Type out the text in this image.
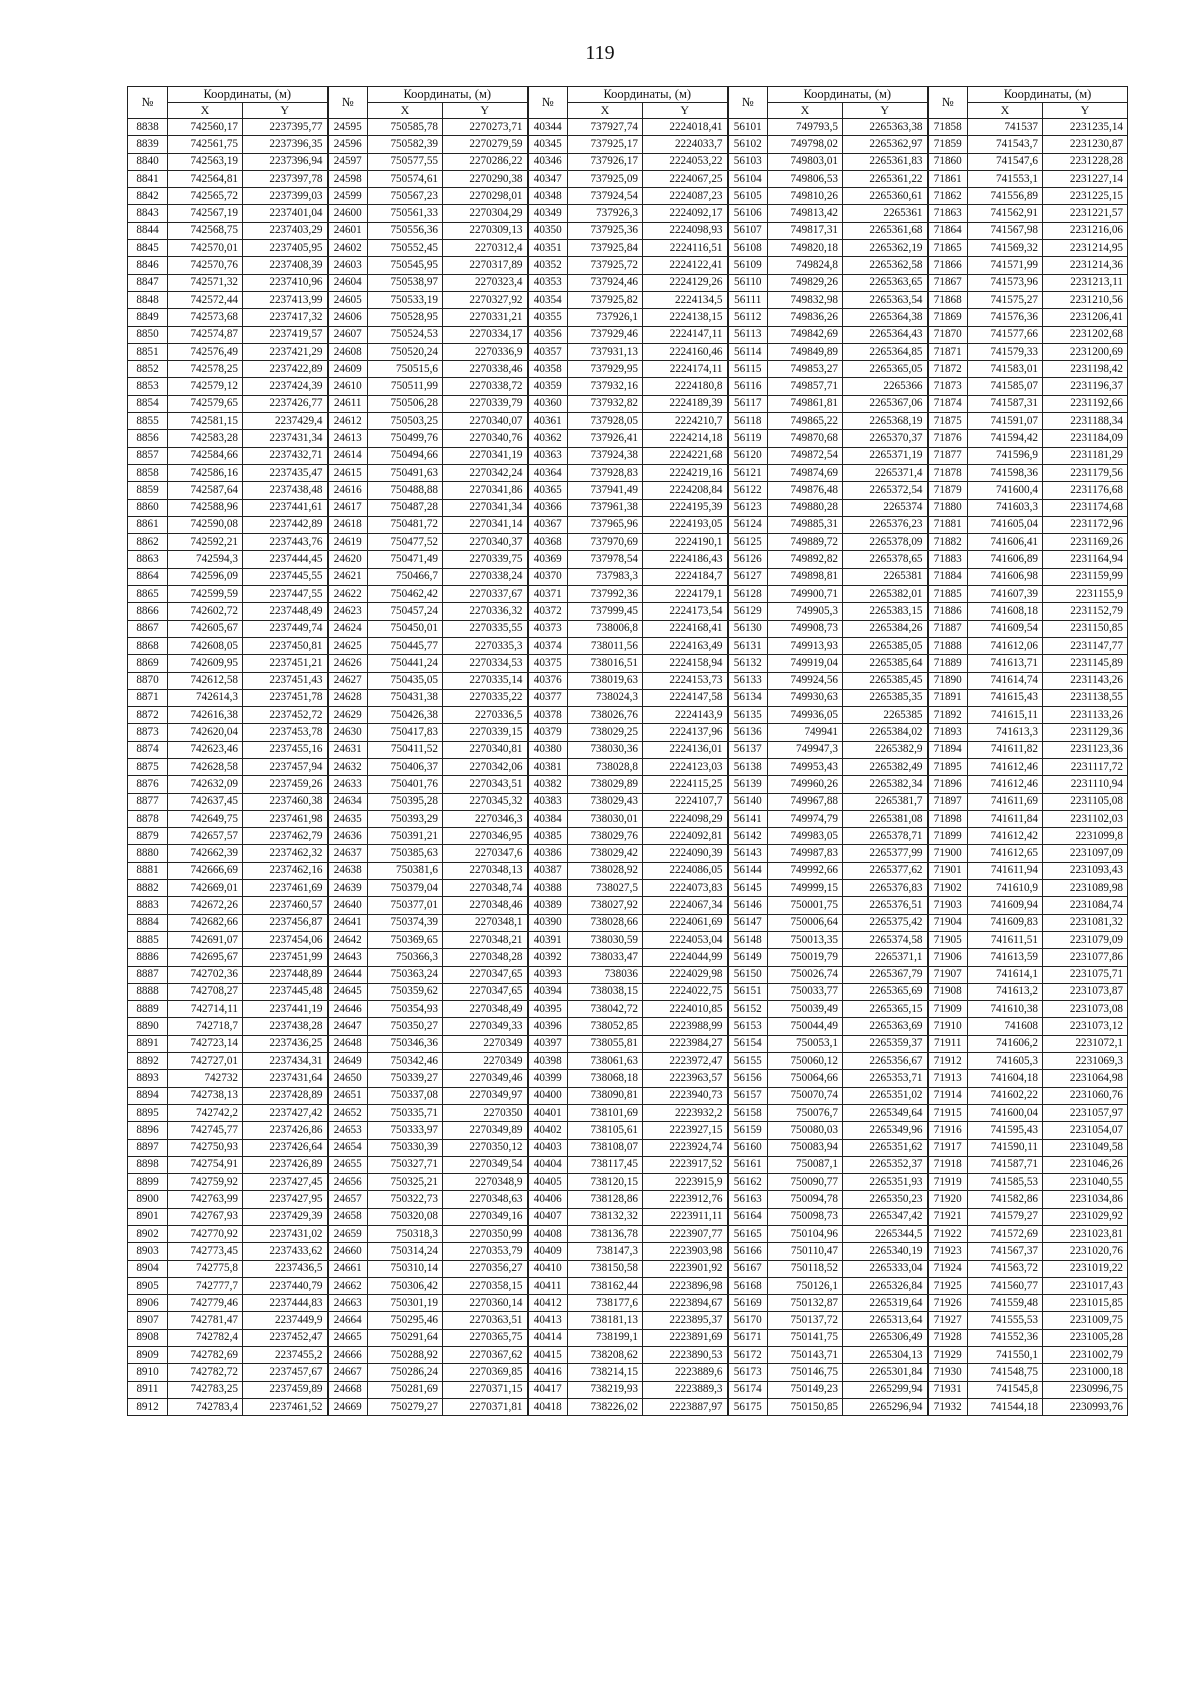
119
№	Координаты, (м)		№	Координаты, (м)		№	Координаты, (м)		№	Координаты, (м)		№	Координаты, (м)	
	X	Y		X	Y		X	Y		X	Y		X	Y
8838	742560,17	2237395,77	24595	750585,78	2270273,71	40344	737927,74	2224018,41	56101	749793,5	2265363,38	71858	741537	2231235,14
8839	742561,75	2237396,35	24596	750582,39	2270279,59	40345	737925,17	2224033,7	56102	749798,02	2265362,97	71859	741543,7	2231230,87
8840	742563,19	2237396,94	24597	750577,55	2270286,22	40346	737926,17	2224053,22	56103	749803,01	2265361,83	71860	741547,6	2231228,28
8841	742564,81	2237397,78	24598	750574,61	2270290,38	40347	737925,09	2224067,25	56104	749806,53	2265361,22	71861	741553,1	2231227,14
8842	742565,72	2237399,03	24599	750567,23	2270298,01	40348	737924,54	2224087,23	56105	749810,26	2265360,61	71862	741556,89	2231225,15
8843	742567,19	2237401,04	24600	750561,33	2270304,29	40349	737926,3	2224092,17	56106	749813,42	2265361	71863	741562,91	2231221,57
8844	742568,75	2237403,29	24601	750556,36	2270309,13	40350	737925,36	2224098,93	56107	749817,31	2265361,68	71864	741567,98	2231216,06
8845	742570,01	2237405,95	24602	750552,45	2270312,4	40351	737925,84	2224116,51	56108	749820,18	2265362,19	71865	741569,32	2231214,95
8846	742570,76	2237408,39	24603	750545,95	2270317,89	40352	737925,72	2224122,41	56109	749824,8	2265362,58	71866	741571,99	2231214,36
8847	742571,32	2237410,96	24604	750538,97	2270323,4	40353	737924,46	2224129,26	56110	749829,26	2265363,65	71867	741573,96	2231213,11
8848	742572,44	2237413,99	24605	750533,19	2270327,92	40354	737925,82	2224134,5	56111	749832,98	2265363,54	71868	741575,27	2231210,56
8849	742573,68	2237417,32	24606	750528,95	2270331,21	40355	737926,1	2224138,15	56112	749836,26	2265364,38	71869	741576,36	2231206,41
8850	742574,87	2237419,57	24607	750524,53	2270334,17	40356	737929,46	2224147,11	56113	749842,69	2265364,43	71870	741577,66	2231202,68
8851	742576,49	2237421,29	24608	750520,24	2270336,9	40357	737931,13	2224160,46	56114	749849,89	2265364,85	71871	741579,33	2231200,69
8852	742578,25	2237422,89	24609	750515,6	2270338,46	40358	737929,95	2224174,11	56115	749853,27	2265365,05	71872	741583,01	2231198,42
8853	742579,12	2237424,39	24610	750511,99	2270338,72	40359	737932,16	2224180,8	56116	749857,71	2265366	71873	741585,07	2231196,37
8854	742579,65	2237426,77	24611	750506,28	2270339,79	40360	737932,82	2224189,39	56117	749861,81	2265367,06	71874	741587,31	2231192,66
8855	742581,15	2237429,4	24612	750503,25	2270340,07	40361	737928,05	2224210,7	56118	749865,22	2265368,19	71875	741591,07	2231188,34
8856	742583,28	2237431,34	24613	750499,76	2270340,76	40362	737926,41	2224214,18	56119	749870,68	2265370,37	71876	741594,42	2231184,09
8857	742584,66	2237432,71	24614	750494,66	2270341,19	40363	737924,38	2224221,68	56120	749872,54	2265371,19	71877	741596,9	2231181,29
8858	742586,16	2237435,47	24615	750491,63	2270342,24	40364	737928,83	2224219,16	56121	749874,69	2265371,4	71878	741598,36	2231179,56
8859	742587,64	2237438,48	24616	750488,88	2270341,86	40365	737941,49	2224208,84	56122	749876,48	2265372,54	71879	741600,4	2231176,68
8860	742588,96	2237441,61	24617	750487,28	2270341,34	40366	737961,38	2224195,39	56123	749880,28	2265374	71880	741603,3	2231174,68
8861	742590,08	2237442,89	24618	750481,72	2270341,14	40367	737965,96	2224193,05	56124	749885,31	2265376,23	71881	741605,04	2231172,96
8862	742592,21	2237443,76	24619	750477,52	2270340,37	40368	737970,69	2224190,1	56125	749889,72	2265378,09	71882	741606,41	2231169,26
8863	742594,3	2237444,45	24620	750471,49	2270339,75	40369	737978,54	2224186,43	56126	749892,82	2265378,65	71883	741606,89	2231164,94
8864	742596,09	2237445,55	24621	750466,7	2270338,24	40370	737983,3	2224184,7	56127	749898,81	2265381	71884	741606,98	2231159,99
8865	742599,59	2237447,55	24622	750462,42	2270337,67	40371	737992,36	2224179,1	56128	749900,71	2265382,01	71885	741607,39	2231155,9
8866	742602,72	2237448,49	24623	750457,24	2270336,32	40372	737999,45	2224173,54	56129	749905,3	2265383,15	71886	741608,18	2231152,79
8867	742605,67	2237449,74	24624	750450,01	2270335,55	40373	738006,8	2224168,41	56130	749908,73	2265384,26	71887	741609,54	2231150,85
8868	742608,05	2237450,81	24625	750445,77	2270335,3	40374	738011,56	2224163,49	56131	749913,93	2265385,05	71888	741612,06	2231147,77
8869	742609,95	2237451,21	24626	750441,24	2270334,53	40375	738016,51	2224158,94	56132	749919,04	2265385,64	71889	741613,71	2231145,89
8870	742612,58	2237451,43	24627	750435,05	2270335,14	40376	738019,63	2224153,73	56133	749924,56	2265385,45	71890	741614,74	2231143,26
8871	742614,3	2237451,78	24628	750431,38	2270335,22	40377	738024,3	2224147,58	56134	749930,63	2265385,35	71891	741615,43	2231138,55
8872	742616,38	2237452,72	24629	750426,38	2270336,5	40378	738026,76	2224143,9	56135	749936,05	2265385	71892	741615,11	2231133,26
8873	742620,04	2237453,78	24630	750417,83	2270339,15	40379	738029,25	2224137,96	56136	749941	2265384,02	71893	741613,3	2231129,36
8874	742623,46	2237455,16	24631	750411,52	2270340,81	40380	738030,36	2224136,01	56137	749947,3	2265382,9	71894	741611,82	2231123,36
8875	742628,58	2237457,94	24632	750406,37	2270342,06	40381	738028,8	2224123,03	56138	749953,43	2265382,49	71895	741612,46	2231117,72
8876	742632,09	2237459,26	24633	750401,76	2270343,51	40382	738029,89	2224115,25	56139	749960,26	2265382,34	71896	741612,46	2231110,94
8877	742637,45	2237460,38	24634	750395,28	2270345,32	40383	738029,43	2224107,7	56140	749967,88	2265381,7	71897	741611,69	2231105,08
8878	742649,75	2237461,98	24635	750393,29	2270346,3	40384	738030,01	2224098,29	56141	749974,79	2265381,08	71898	741611,84	2231102,03
8879	742657,57	2237462,79	24636	750391,21	2270346,95	40385	738029,76	2224092,81	56142	749983,05	2265378,71	71899	741612,42	2231099,8
8880	742662,39	2237462,32	24637	750385,63	2270347,6	40386	738029,42	2224090,39	56143	749987,83	2265377,99	71900	741612,65	2231097,09
8881	742666,69	2237462,16	24638	750381,6	2270348,13	40387	738028,92	2224086,05	56144	749992,66	2265377,62	71901	741611,94	2231093,43
8882	742669,01	2237461,69	24639	750379,04	2270348,74	40388	738027,5	2224073,83	56145	749999,15	2265376,83	71902	741610,9	2231089,98
8883	742672,26	2237460,57	24640	750377,01	2270348,46	40389	738027,92	2224067,34	56146	750001,75	2265376,51	71903	741609,94	2231084,74
8884	742682,66	2237456,87	24641	750374,39	2270348,1	40390	738028,66	2224061,69	56147	750006,64	2265375,42	71904	741609,83	2231081,32
8885	742691,07	2237454,06	24642	750369,65	2270348,21	40391	738030,59	2224053,04	56148	750013,35	2265374,58	71905	741611,51	2231079,09
8886	742695,67	2237451,99	24643	750366,3	2270348,28	40392	738033,47	2224044,99	56149	750019,79	2265371,1	71906	741613,59	2231077,86
8887	742702,36	2237448,89	24644	750363,24	2270347,65	40393	738036	2224029,98	56150	750026,74	2265367,79	71907	741614,1	2231075,71
8888	742708,27	2237445,48	24645	750359,62	2270347,65	40394	738038,15	2224022,75	56151	750033,77	2265365,69	71908	741613,2	2231073,87
8889	742714,11	2237441,19	24646	750354,93	2270348,49	40395	738042,72	2224010,85	56152	750039,49	2265365,15	71909	741610,38	2231073,08
8890	742718,7	2237438,28	24647	750350,27	2270349,33	40396	738052,85	2223988,99	56153	750044,49	2265363,69	71910	741608	2231073,12
8891	742723,14	2237436,25	24648	750346,36	2270349	40397	738055,81	2223984,27	56154	750053,1	2265359,37	71911	741606,2	2231072,1
8892	742727,01	2237434,31	24649	750342,46	2270349	40398	738061,63	2223972,47	56155	750060,12	2265356,67	71912	741605,3	2231069,3
8893	742732	2237431,64	24650	750339,27	2270349,46	40399	738068,18	2223963,57	56156	750064,66	2265353,71	71913	741604,18	2231064,98
8894	742738,13	2237428,89	24651	750337,08	2270349,97	40400	738090,81	2223940,73	56157	750070,74	2265351,02	71914	741602,22	2231060,76
8895	742742,2	2237427,42	24652	750335,71	2270350	40401	738101,69	2223932,2	56158	750076,7	2265349,64	71915	741600,04	2231057,97
8896	742745,77	2237426,86	24653	750333,97	2270349,89	40402	738105,61	2223927,15	56159	750080,03	2265349,96	71916	741595,43	2231054,07
8897	742750,93	2237426,64	24654	750330,39	2270350,12	40403	738108,07	2223924,74	56160	750083,94	2265351,62	71917	741590,11	2231049,58
8898	742754,91	2237426,89	24655	750327,71	2270349,54	40404	738117,45	2223917,52	56161	750087,1	2265352,37	71918	741587,71	2231046,26
8899	742759,92	2237427,45	24656	750325,21	2270348,9	40405	738120,15	2223915,9	56162	750090,77	2265351,93	71919	741585,53	2231040,55
8900	742763,99	2237427,95	24657	750322,73	2270348,63	40406	738128,86	2223912,76	56163	750094,78	2265350,23	71920	741582,86	2231034,86
8901	742767,93	2237429,39	24658	750320,08	2270349,16	40407	738132,32	2223911,11	56164	750098,73	2265347,42	71921	741579,27	2231029,92
8902	742770,92	2237431,02	24659	750318,3	2270350,99	40408	738136,78	2223907,77	56165	750104,96	2265344,5	71922	741572,69	2231023,81
8903	742773,45	2237433,62	24660	750314,24	2270353,79	40409	738147,3	2223903,98	56166	750110,47	2265340,19	71923	741567,37	2231020,76
8904	742775,8	2237436,5	24661	750310,14	2270356,27	40410	738150,58	2223901,92	56167	750118,52	2265333,04	71924	741563,72	2231019,22
8905	742777,7	2237440,79	24662	750306,42	2270358,15	40411	738162,44	2223896,98	56168	750126,1	2265326,84	71925	741560,77	2231017,43
8906	742779,46	2237444,83	24663	750301,19	2270360,14	40412	738177,6	2223894,67	56169	750132,87	2265319,64	71926	741559,48	2231015,85
8907	742781,47	2237449,9	24664	750295,46	2270363,51	40413	738181,13	2223895,37	56170	750137,72	2265313,64	71927	741555,53	2231009,75
8908	742782,4	2237452,47	24665	750291,64	2270365,75	40414	738199,1	2223891,69	56171	750141,75	2265306,49	71928	741552,36	2231005,28
8909	742782,69	2237455,2	24666	750288,92	2270367,62	40415	738208,62	2223890,53	56172	750143,71	2265304,13	71929	741550,1	2231002,79
8910	742782,72	2237457,67	24667	750286,24	2270369,85	40416	738214,15	2223889,6	56173	750146,75	2265301,84	71930	741548,75	2231000,18
8911	742783,25	2237459,89	24668	750281,69	2270371,15	40417	738219,93	2223889,3	56174	750149,23	2265299,94	71931	741545,8	2230996,75
8912	742783,4	2237461,52	24669	750279,27	2270371,81	40418	738226,02	2223887,97	56175	750150,85	2265296,94	71932	741544,18	2230993,76
